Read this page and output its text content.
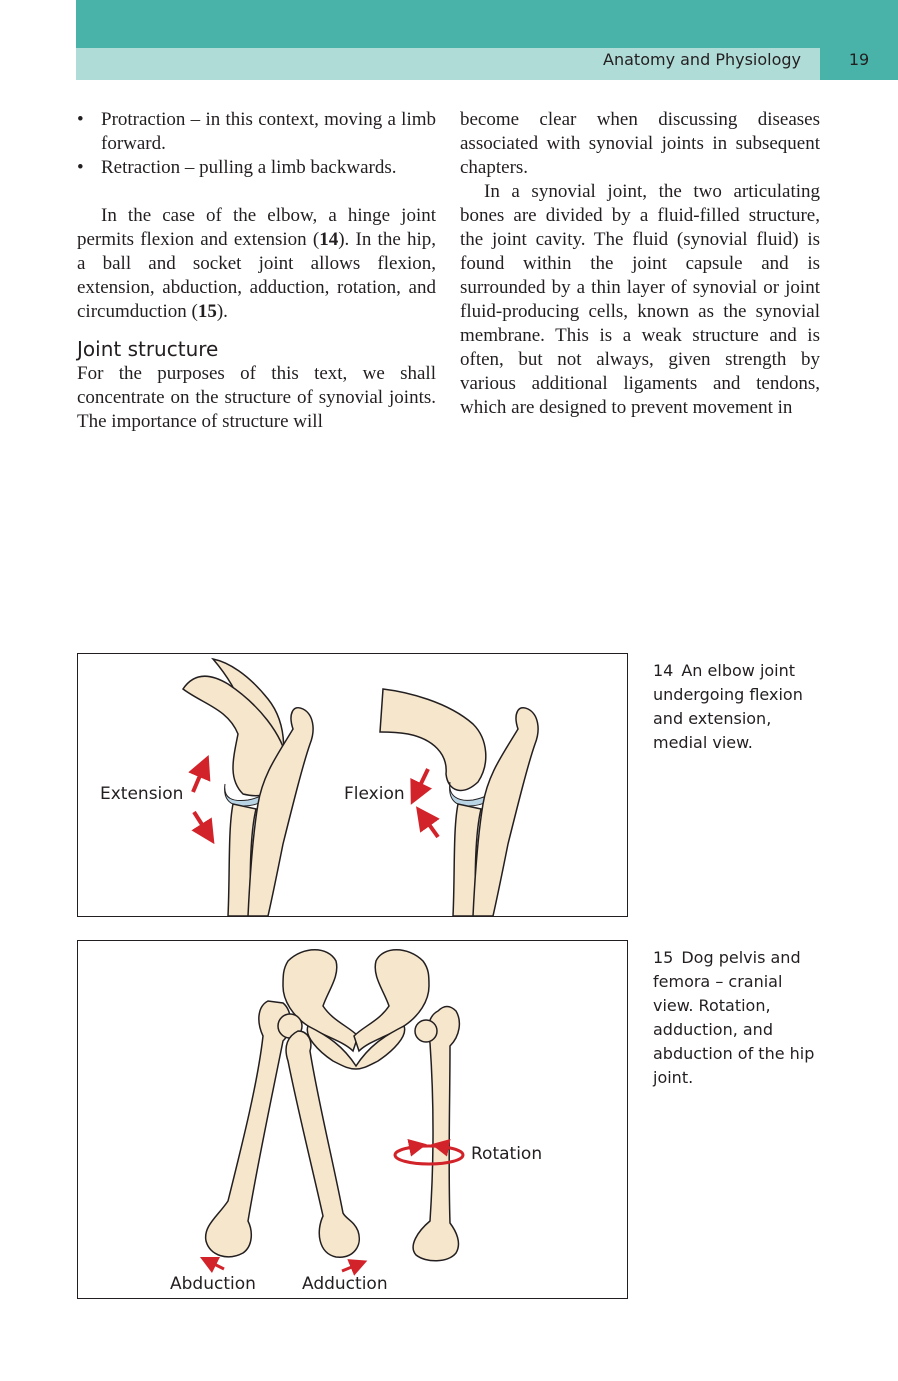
Anatomy and Physiology	19
• Protraction – in this context, moving a limb forward.
• Retraction – pulling a limb backwards.

In the case of the elbow, a hinge joint permits flexion and extension (14). In the hip, a ball and socket joint allows flexion, extension, abduction, adduction, rotation, and circumduction (15).

Joint structure

For the purposes of this text, we shall concentrate on the structure of synovial joints. The importance of structure will

become clear when discussing diseases associated with synovial joints in subsequent chapters.

In a synovial joint, the two articulating bones are divided by a fluid-filled structure, the joint cavity. The fluid (synovial fluid) is found within the joint capsule and is surrounded by a thin layer of synovial or joint fluid-producing cells, known as the synovial membrane. This is a weak structure and is often, but not always, given strength by various additional ligaments and tendons, which are designed to prevent movement in

Extension	Flexion
14 An elbow joint undergoing flexion and extension, medial view.
Rotation
Abduction	Adduction
15 Dog pelvis and femora – cranial view. Rotation, adduction, and abduction of the hip joint.
